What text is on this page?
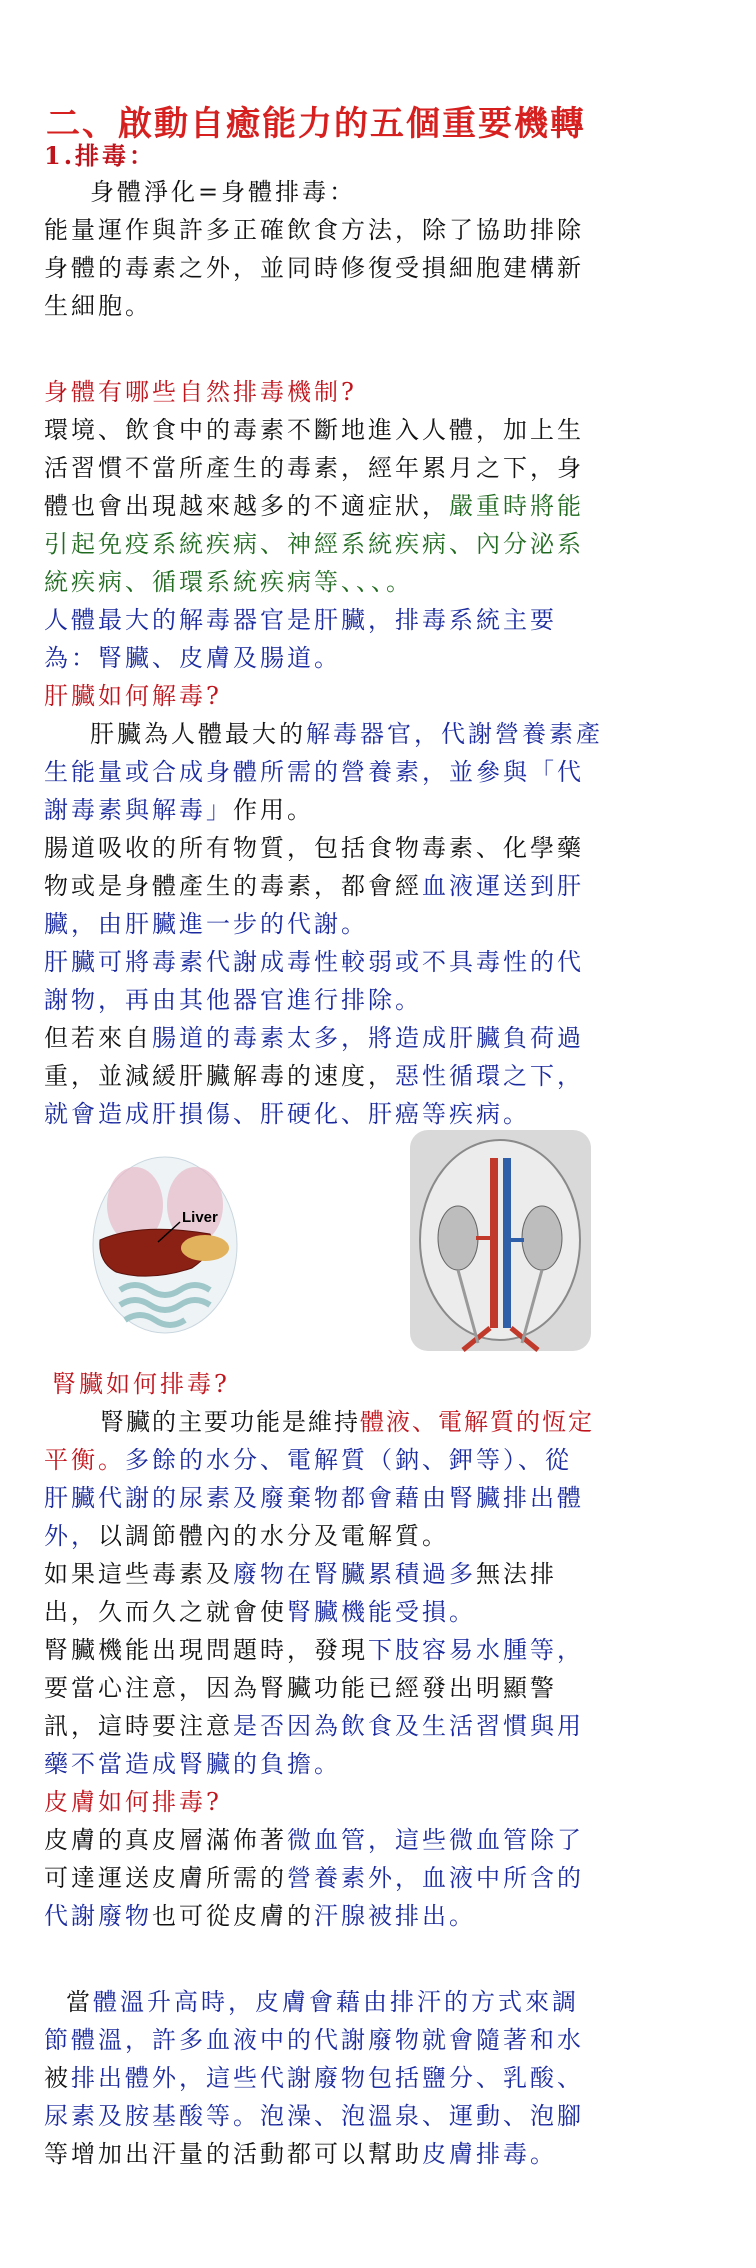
二、啟動自癒能力的五個重要機轉
1.排毒：
身體淨化=身體排毒：
能量運作與許多正確飲食方法，除了協助排除
身體的毒素之外，並同時修復受損細胞建構新
生細胞。
身體有哪些自然排毒機制?
環境、飲食中的毒素不斷地進入人體，加上生
活習慣不當所產生的毒素，經年累月之下，身
體也會出現越來越多的不適症狀，嚴重時將能
引起免疫系統疾病、神經系統疾病、內分泌系
統疾病、循環系統疾病等、、、。
人體最大的解毒器官是肝臟，排毒系統主要
為：腎臟、皮膚及腸道。
肝臟如何解毒?
肝臟為人體最大的解毒器官，代謝營養素產
生能量或合成身體所需的營養素，並參與「代
謝毒素與解毒」作用。
腸道吸收的所有物質，包括食物毒素、化學藥
物或是身體產生的毒素，都會經血液運送到肝
臟，由肝臟進一步的代謝。
肝臟可將毒素代謝成毒性較弱或不具毒性的代
謝物，再由其他器官進行排除。
但若來自腸道的毒素太多，將造成肝臟負荷過
重，並減緩肝臟解毒的速度，惡性循環之下，
就會造成肝損傷、肝硬化、肝癌等疾病。
Liver
腎臟如何排毒?
腎臟的主要功能是維持體液、電解質的恆定
平衡。多餘的水分、電解質（鈉、鉀等）、從
肝臟代謝的尿素及廢棄物都會藉由腎臟排出體
外，以調節體內的水分及電解質。
如果這些毒素及廢物在腎臟累積過多無法排
出，久而久之就會使腎臟機能受損。
腎臟機能出現問題時，發現下肢容易水腫等，
要當心注意，因為腎臟功能已經發出明顯警
訊，這時要注意是否因為飲食及生活習慣與用
藥不當造成腎臟的負擔。
皮膚如何排毒?
皮膚的真皮層滿佈著微血管，這些微血管除了
可達運送皮膚所需的營養素外，血液中所含的
代謝廢物也可從皮膚的汗腺被排出。
當體溫升高時，皮膚會藉由排汗的方式來調
節體溫，許多血液中的代謝廢物就會隨著和水
被排出體外，這些代謝廢物包括鹽分、乳酸、
尿素及胺基酸等。泡澡、泡溫泉、運動、泡腳
等增加出汗量的活動都可以幫助皮膚排毒。
